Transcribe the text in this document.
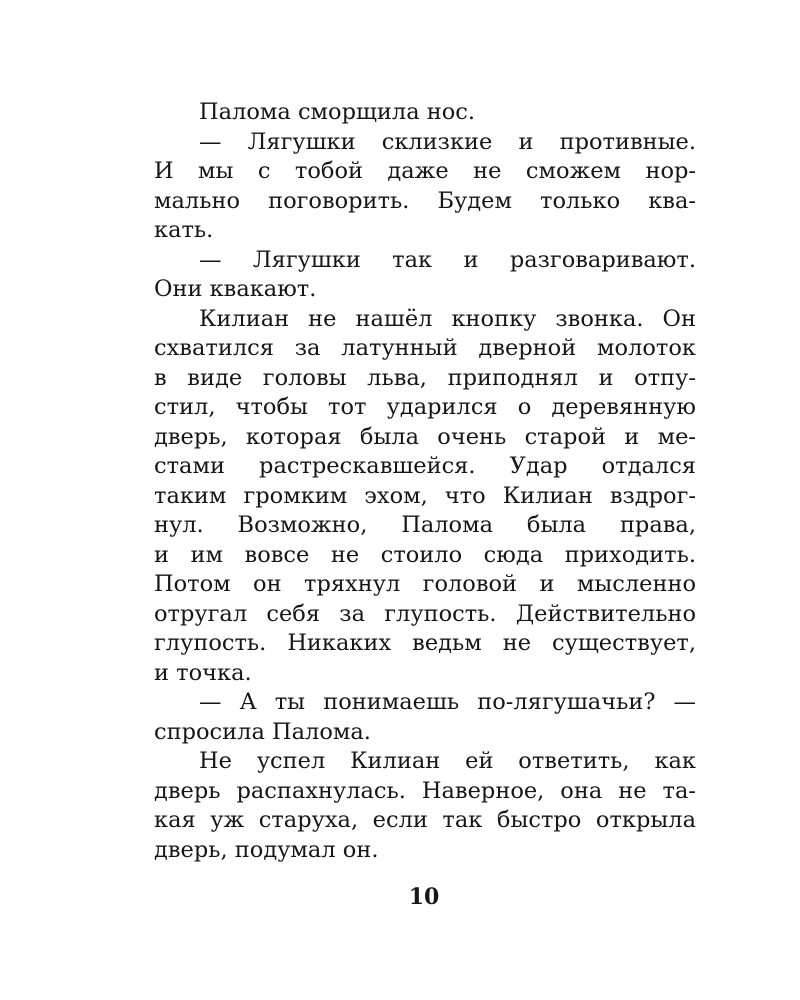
Палома сморщила нос.
— Лягушки склизкие и противные.
И мы с тобой даже не сможем нор-
мально поговорить. Будем только ква-
кать.
— Лягушки так и разговаривают.
Они квакают.
Килиан не нашёл кнопку звонка. Он
схватился за латунный дверной молоток
в виде головы льва, приподнял и отпу-
стил, чтобы тот ударился о деревянную
дверь, которая была очень старой и ме-
стами растрескавшейся. Удар отдался
таким громким эхом, что Килиан вздрог-
нул. Возможно, Палома была права,
и им вовсе не стоило сюда приходить.
Потом он тряхнул головой и мысленно
отругал себя за глупость. Действительно
глупость. Никаких ведьм не существует,
и точка.
— А ты понимаешь по-лягушачьи? —
спросила Палома.
Не успел Килиан ей ответить, как
дверь распахнулась. Наверное, она не та-
кая уж старуха, если так быстро открыла
дверь, подумал он.
10
